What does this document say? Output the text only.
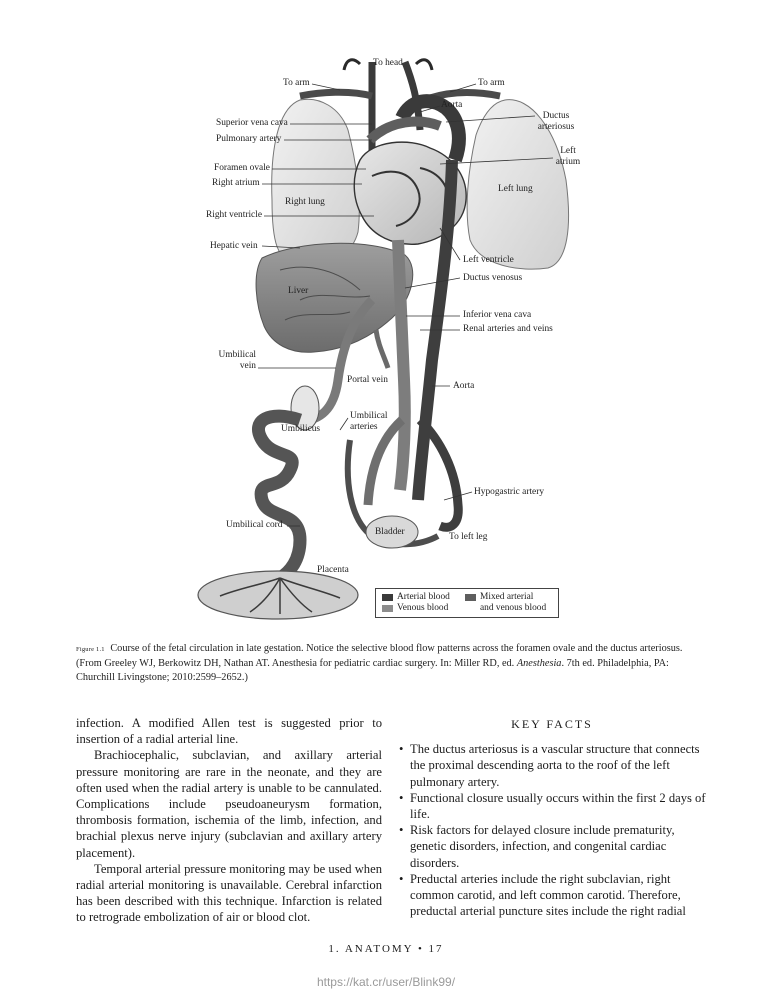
To head
To arm	To arm
Aorta
Ductus
arteriosus
Superior vena cava
Pulmonary artery
Left
atrium
Foramen ovale
Right atrium
Left lung
Right lung
Right ventricle
Hepatic vein
Left ventricle
Ductus venosus
Liver
Inferior vena cava
Renal arteries and veins
Umbilical
vein
Portal vein
Aorta
Umbilical
arteries
Umbilicus
Hypogastric artery
Umbilical cord
Bladder	To left leg
Placenta
Arterial blood
Venous blood
Mixed arterial
and venous blood
Figure 1.1 Course of the fetal circulation in late gestation. Notice the selective blood flow patterns across the foramen ovale and the ductus arteriosus. (From Greeley WJ, Berkowitz DH, Nathan AT. Anesthesia for pediatric cardiac surgery. In: Miller RD, ed. Anesthesia. 7th ed. Philadelphia, PA: Churchill Livingstone; 2010:2599–2652.)

infection. A modified Allen test is suggested prior to insertion of a radial arterial line.

Brachiocephalic, subclavian, and axillary arterial pressure monitoring are rare in the neonate, and they are often used when the radial artery is unable to be cannulated. Complications include pseudoaneurysm formation, thrombosis formation, ischemia of the limb, infection, and brachial plexus nerve injury (subclavian and axillary artery placement).

Temporal arterial pressure monitoring may be used when radial arterial monitoring is unavailable. Cerebral infarction has been described with this technique. Infarction is related to retrograde embolization of air or blood clot.

KEY FACTS
• The ductus arteriosus is a vascular structure that connects the proximal descending aorta to the roof of the left pulmonary artery.
• Functional closure usually occurs within the first 2 days of life.
• Risk factors for delayed closure include prematurity, genetic disorders, infection, and congenital cardiac disorders.
• Preductal arteries include the right subclavian, right common carotid, and left common carotid. Therefore, preductal arterial puncture sites include the right radial
1. ANATOMY • 17
https://kat.cr/user/Blink99/
